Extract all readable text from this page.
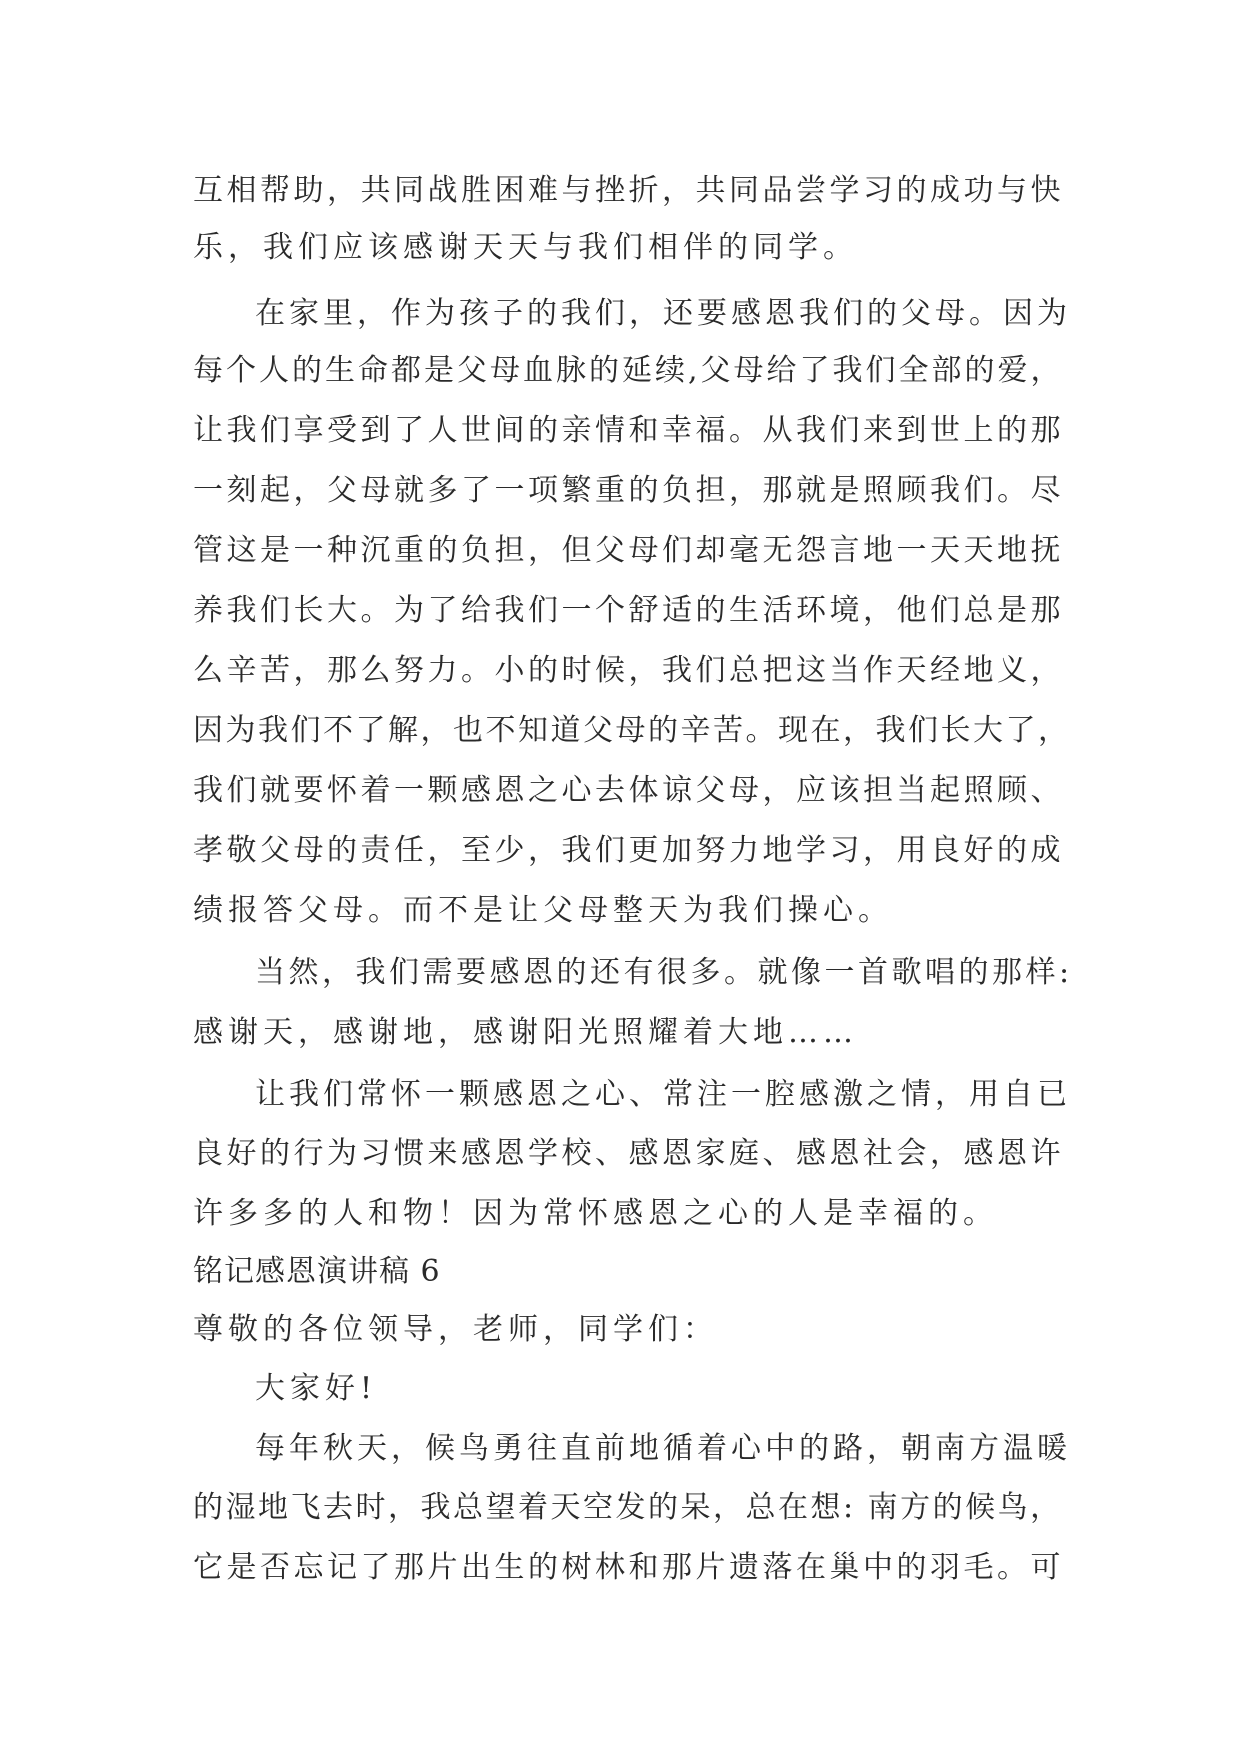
互相帮助，共同战胜困难与挫折，共同品尝学习的成功与快
乐，我们应该感谢天天与我们相伴的同学。
在家里，作为孩子的我们，还要感恩我们的父母。因为
每个人的生命都是父母血脉的延续,父母给了我们全部的爱，
让我们享受到了人世间的亲情和幸福。从我们来到世上的那
一刻起，父母就多了一项繁重的负担，那就是照顾我们。尽
管这是一种沉重的负担，但父母们却毫无怨言地一天天地抚
养我们长大。为了给我们一个舒适的生活环境，他们总是那
么辛苦，那么努力。小的时候，我们总把这当作天经地义，
因为我们不了解，也不知道父母的辛苦。现在，我们长大了，
我们就要怀着一颗感恩之心去体谅父母，应该担当起照顾、
孝敬父母的责任，至少，我们更加努力地学习，用良好的成
绩报答父母。而不是让父母整天为我们操心。
当然，我们需要感恩的还有很多。就像一首歌唱的那样:
感谢天，感谢地，感谢阳光照耀着大地……
让我们常怀一颗感恩之心、常注一腔感激之情，用自已
良好的行为习惯来感恩学校、感恩家庭、感恩社会，感恩许
许多多的人和物！因为常怀感恩之心的人是幸福的。
铭记感恩演讲稿 6
尊敬的各位领导，老师，同学们：
大家好!
每年秋天，候鸟勇往直前地循着心中的路，朝南方温暖
的湿地飞去时，我总望着天空发的呆，总在想: 南方的候鸟，
它是否忘记了那片出生的树林和那片遗落在巢中的羽毛。可
